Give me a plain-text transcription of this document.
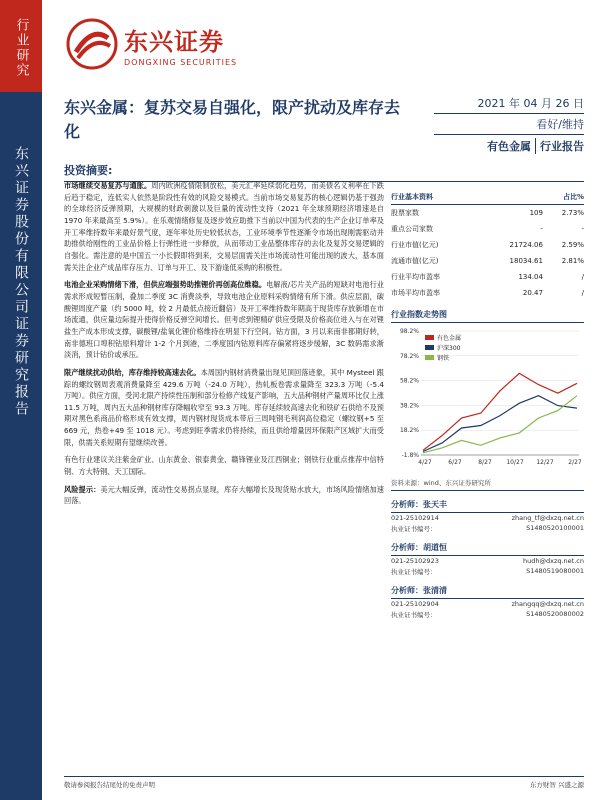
行业研究
东兴证券股份有限公司证券研究报告
东兴证券
DONGXING SECURITIES
东兴金属：复苏交易自强化，限产扰动及库存去化
2021 年 04 月 26 日
看好/维持
有色金属 行业报告
投资摘要:

市场继续交易复苏与通胀。周内欧洲疫情限制放松，美元汇率延续弱化趋势，而美债名义利率在下跌后趋于稳定，连低实人依然是阶段性有效的风险交易模式。当前市场交易复苏的核心逻辑仍基于强劲的全球经济反弹预期，大规模的财政刺激以及巨量的流动性支持（2021 年全球预期经济增速是自 1970 年来最高至 5.9%）。在乐观情绪修复及逐步效应助推下当前以中国为代表的生产企业订单率及开工率维持数年来最好景气度，逐年率处历史较低状态，工业环境季节性逐渐令市场出现刚需驱动并助推供给刚性的工业品价格上行弹性进一步释放，从而带动工业品整体库存的去化及复苏交易逻辑的自强化。需注意的是中国五一小长假即将到来，交易层面需关注市场流动性可能出现的波大，基本面需关注企业产成品库存压力、订单与开工、及下游逢低采购的积极性。

电池企业采购情绪下滑，但供应端强势助推锂价再创高位维稳。电解液/芯片关产品的短缺对电池行业需求形成短暂压制，叠加二季度 3C 消费淡季，导致电池企业原料采购情绪有所下滑。供应层面，碳酸锂周度产量（约 5000 吨，较 2 月最低点接近翻倍）及开工率维持数年期高于现货库存放新增在市场流通，供应量边际提升使得价格反弹空间增长。但考虑到锂精矿供应受限及价格高位进入与在对锂盐生产成本形成支撑，碳酸锂/盐氧化锂价格维持在明显下行空间。钴方面，3 月以来南非都期好转，南非德班口埠积钴原料增计 1-2 个月到港，二季度国内钴原料库存偏紧将逐步缓解，3C 数码需求渐淡消，预计钴价或承压。

限产继续扰动供给，库存维持较高速去化。本周国内钢材消费量出现见顶回落迹象，其中 Mysteel 跟踪的螺纹钢周表观消费量降至 429.6 万吨（-24.0 万吨），热轧板卷需求量降至 323.3 万吨（-5.4 万吨）。供应方面，受河北限产持续性压制和部分检修产线复产影响，五大品种钢材产量周环比仅上涨 11.5 万吨，周内五大品种钢材库存降幅收窄至 93.3 万吨。库存延续较高速去化和铁矿石供给不及预期对黑色系商品价格形成有效支撑，周内钢材现货成本带后三周吨钢毛利润高位稳定（螺纹钢+5 至 669 元，热卷+49 至 1018 元）。考虑到旺季需求仍将持续，而且供给增量因环保限产区域扩大而受限，供需关系短期有望继续改善。

有色行业建议关注紫金矿业、山东黄金、银泰黄金、赣锋锂业及江西铜业；钢铁行业重点推荐中信特钢、方大特钢、天工国际。

风险提示：美元大幅反弹，流动性交易拐点显现，库存大幅增长及现货贴水放大，市场风险情绪加速回落。

行业基本资料		占比%
股票家数	109	2.73%
重点公司家数	-	-
行业市值(亿元)	21724.06	2.59%
流通市值(亿元)	18034.61	2.81%
行业平均市盈率	134.04	/
市场平均市盈率	20.47	/
行业指数走势图
98.2%
78.2%
58.2%
38.2%
18.2%
-1.8%
4/27	6/27	8/27 10/27 12/27 2/27
有色金属
沪深300
钢铁
资料来源：wind、东兴证券研究所
分析师：张天丰
021-25102914	zhang_tf@dxzq.net.cn
执业证书编号：	S1480520100001
分析师：胡道恒
021-25102923	hudh@dxzq.net.cn
执业证书编号：	S1480519080001
分析师：张清清
021-25102904	zhangqq@dxzq.net.cn
执业证书编号：	S1480520080002
敬请参阅报告结尾处的免责声明	东方财智 兴盛之源
